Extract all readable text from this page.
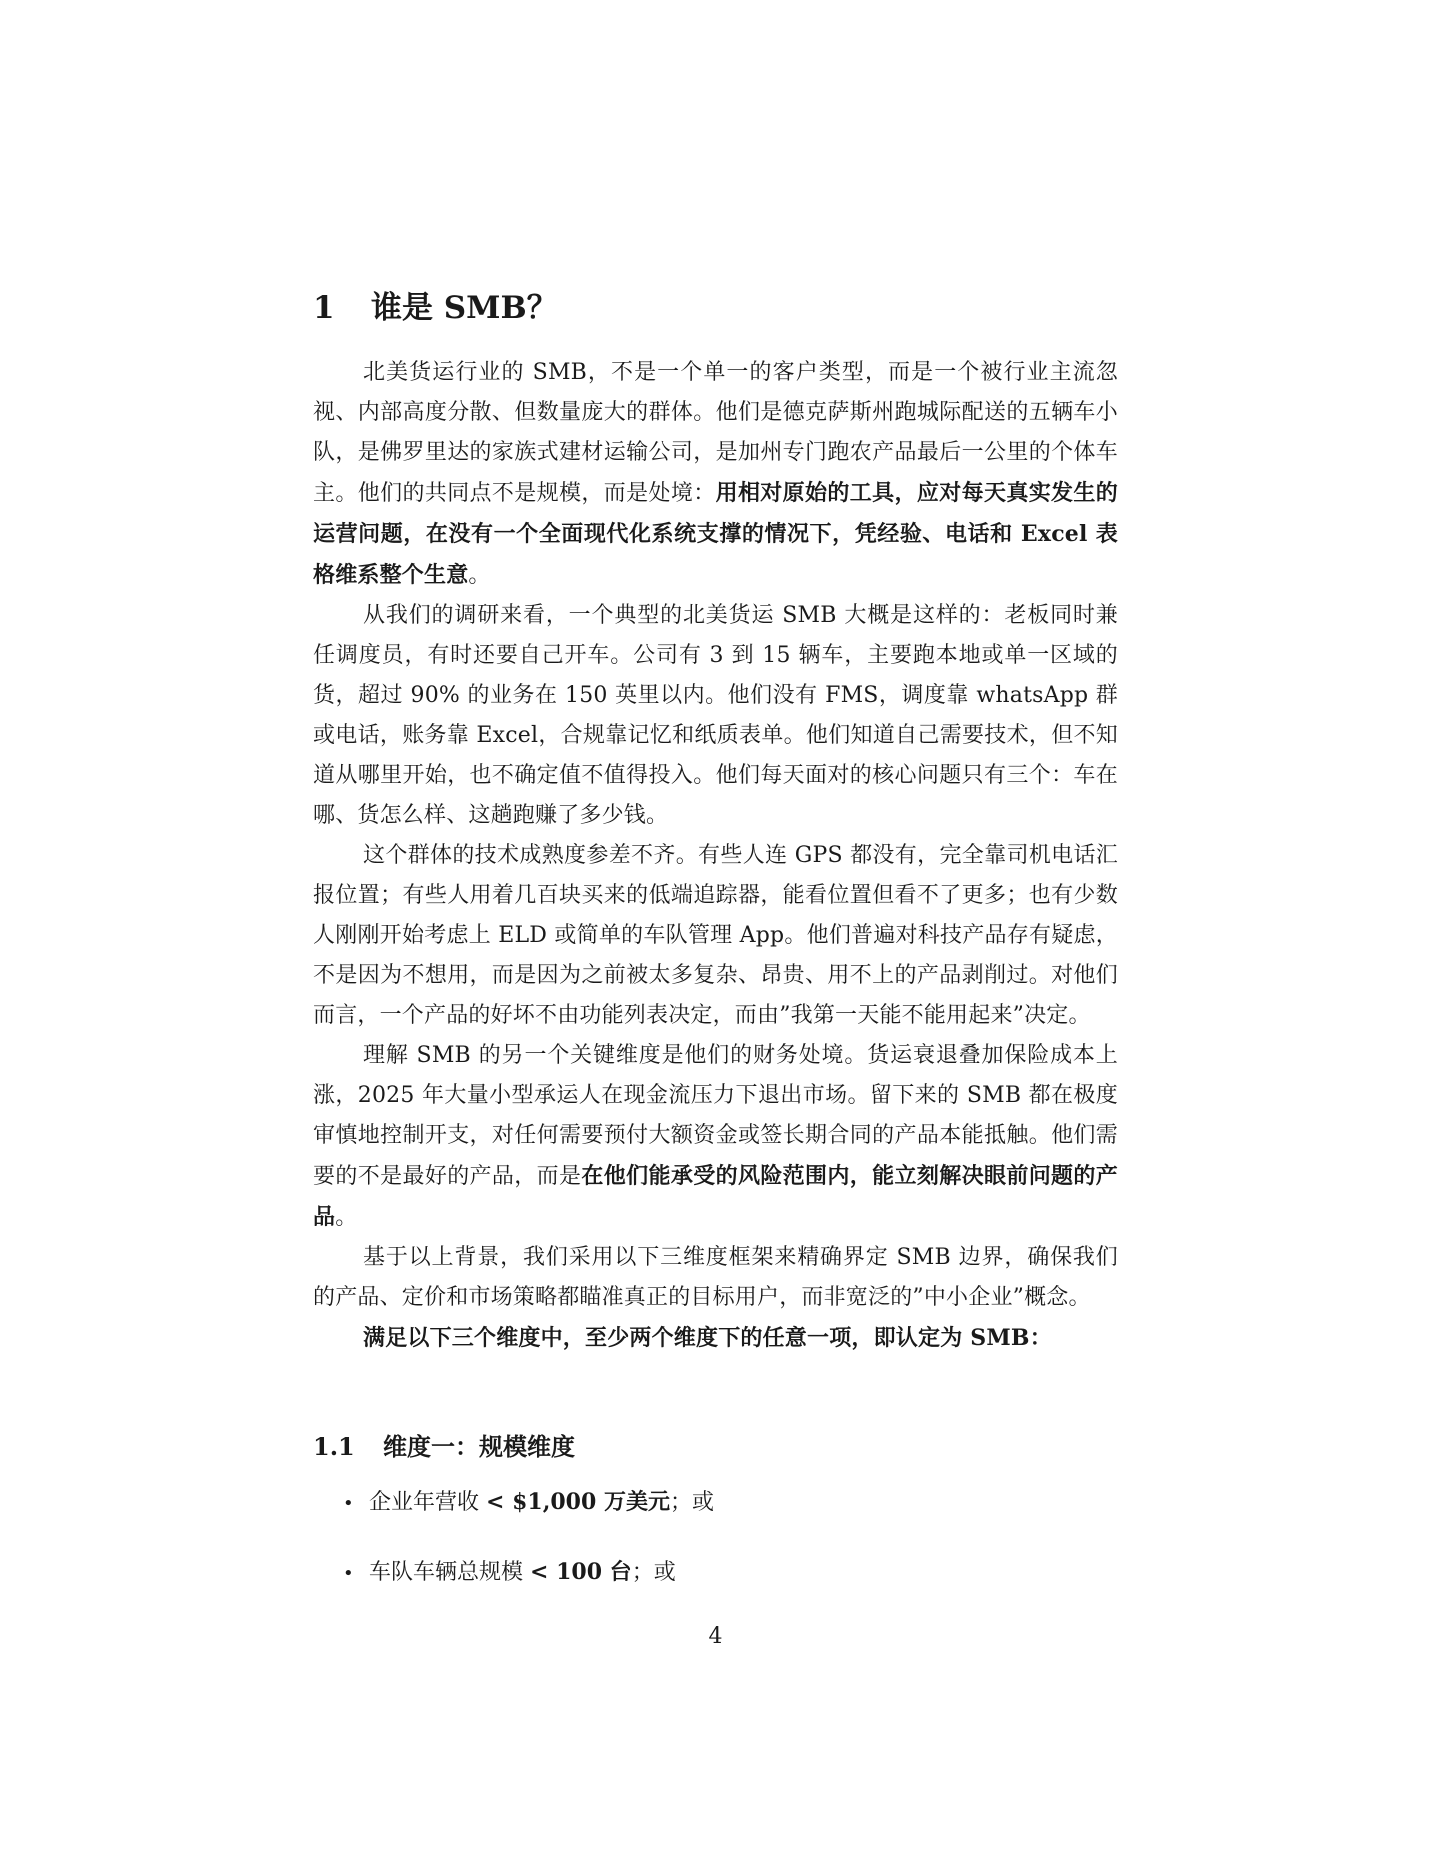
1 谁是 SMB？

北美货运行业的 SMB，不是一个单一的客户类型，而是一个被行业主流忽视、内部高度分散、但数量庞大的群体。他们是德克萨斯州跑城际配送的五辆车小队，是佛罗里达的家族式建材运输公司，是加州专门跑农产品最后一公里的个体车主。他们的共同点不是规模，而是处境：用相对原始的工具，应对每天真实发生的运营问题，在没有一个全面现代化系统支撑的情况下，凭经验、电话和 Excel 表格维系整个生意。

从我们的调研来看，一个典型的北美货运 SMB 大概是这样的：老板同时兼任调度员，有时还要自己开车。公司有 3 到 15 辆车，主要跑本地或单一区域的货，超过 90% 的业务在 150 英里以内。他们没有 FMS，调度靠 whatsApp 群或电话，账务靠 Excel，合规靠记忆和纸质表单。他们知道自己需要技术，但不知道从哪里开始，也不确定值不值得投入。他们每天面对的核心问题只有三个：车在哪、货怎么样、这趟跑赚了多少钱。

这个群体的技术成熟度参差不齐。有些人连 GPS 都没有，完全靠司机电话汇报位置；有些人用着几百块买来的低端追踪器，能看位置但看不了更多；也有少数人刚刚开始考虑上 ELD 或简单的车队管理 App。他们普遍对科技产品存有疑虑，不是因为不想用，而是因为之前被太多复杂、昂贵、用不上的产品剥削过。对他们而言，一个产品的好坏不由功能列表决定，而由”我第一天能不能用起来”决定。

理解 SMB 的另一个关键维度是他们的财务处境。货运衰退叠加保险成本上涨，2025 年大量小型承运人在现金流压力下退出市场。留下来的 SMB 都在极度审慎地控制开支，对任何需要预付大额资金或签长期合同的产品本能抵触。他们需要的不是最好的产品，而是在他们能承受的风险范围内，能立刻解决眼前问题的产品。

基于以上背景，我们采用以下三维度框架来精确界定 SMB 边界，确保我们的产品、定价和市场策略都瞄准真正的目标用户，而非宽泛的”中小企业”概念。

满足以下三个维度中，至少两个维度下的任意一项，即认定为 SMB：

1.1 维度一：规模维度
• 企业年营收 < $1,000 万美元；或
• 车队车辆总规模 < 100 台；或
4
